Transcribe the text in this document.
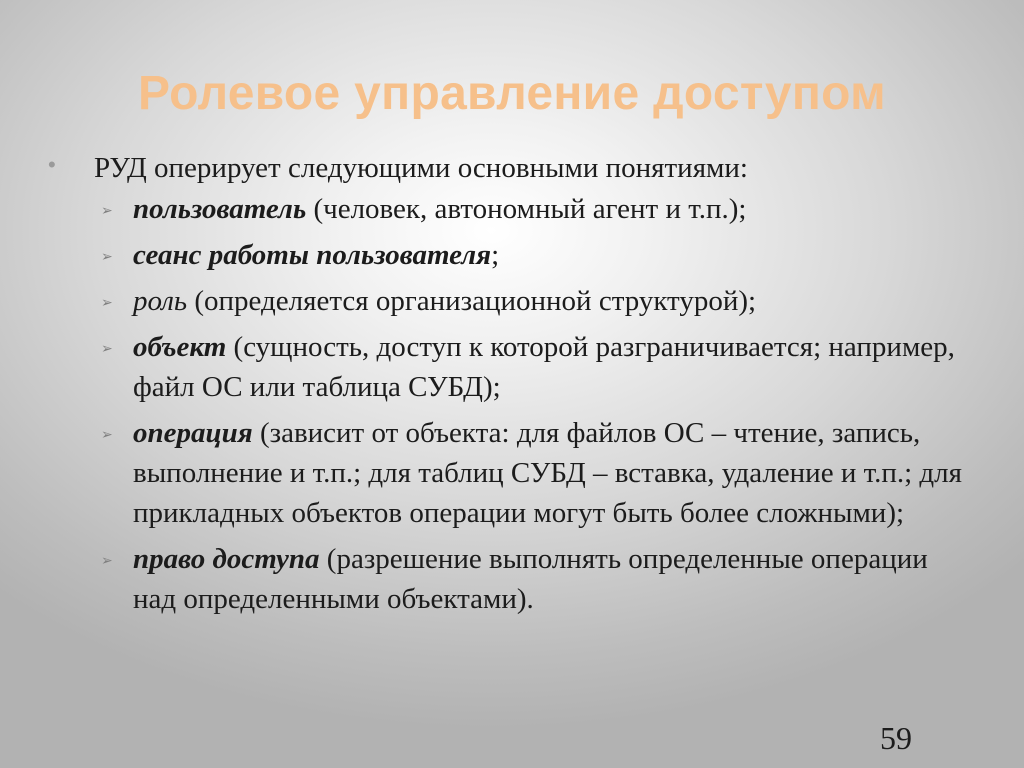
Ролевое управление доступом
• РУД оперирует следующими основными понятиями:
➢ пользователь (человек, автономный агент и т.п.);
➢ сеанс работы пользователя;
➢ роль (определяется организационной структурой);
➢ объект (сущность, доступ к которой разграничивается; например, файл ОС или таблица СУБД);
➢ операция (зависит от объекта: для файлов ОС – чтение, запись, выполнение и т.п.; для таблиц СУБД – вставка, удаление и т.п.; для прикладных объектов операции могут быть более сложными);
➢ право доступа (разрешение выполнять определенные операции над определенными объектами).
59
